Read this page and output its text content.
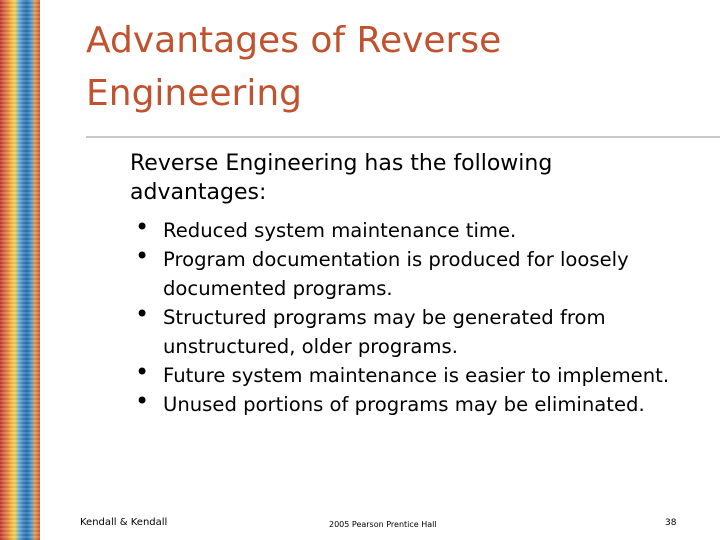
Advantages of Reverse Engineering

Reverse Engineering has the following advantages:

• Reduced system maintenance time.
• Program documentation is produced for loosely documented programs.
• Structured programs may be generated from unstructured, older programs.
• Future system maintenance is easier to implement.
• Unused portions of programs may be eliminated.
Kendall & Kendall	2005 Pearson Prentice Hall	38
